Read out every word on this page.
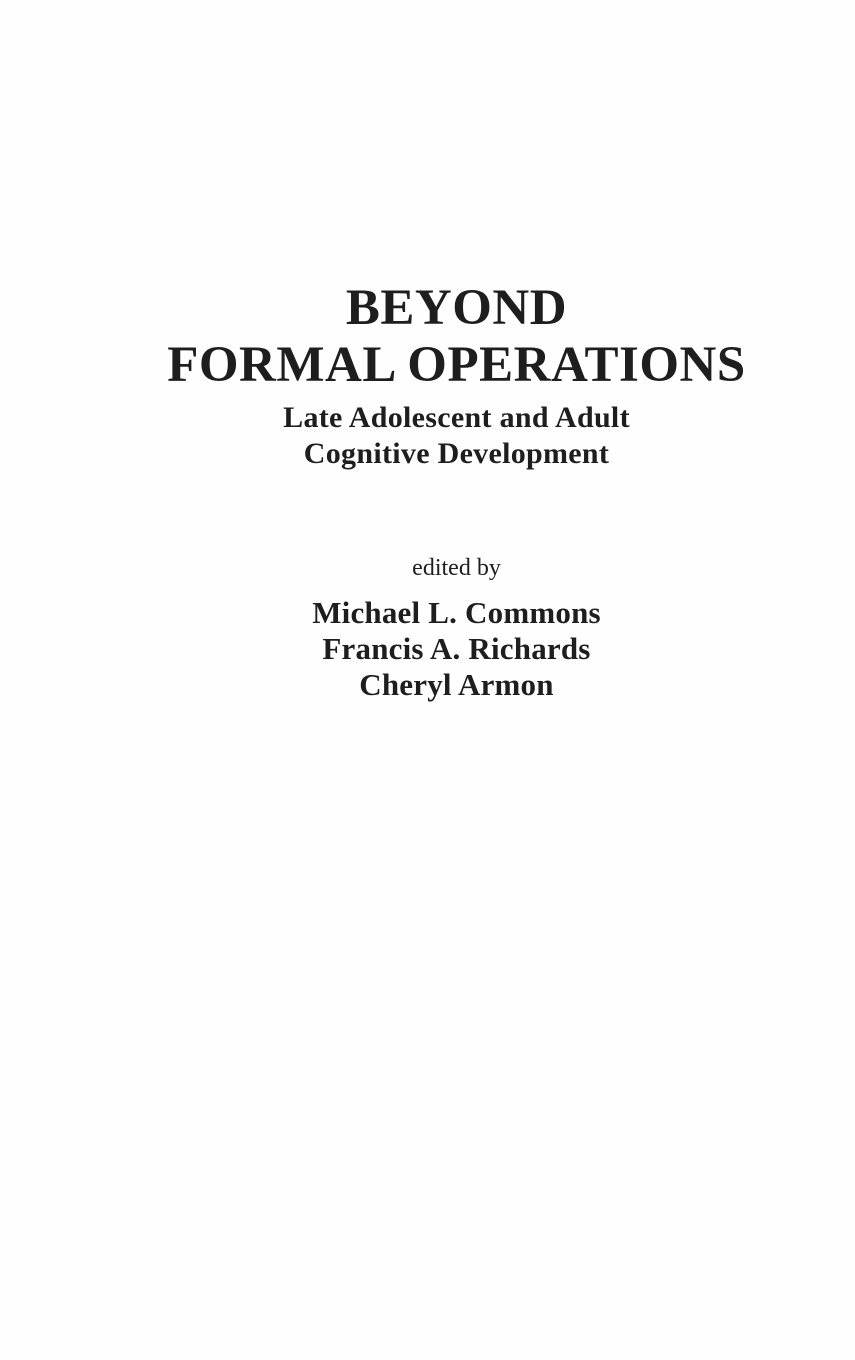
BEYOND
FORMAL OPERATIONS
Late Adolescent and Adult
Cognitive Development
edited by
Michael L. Commons
Francis A. Richards
Cheryl Armon
